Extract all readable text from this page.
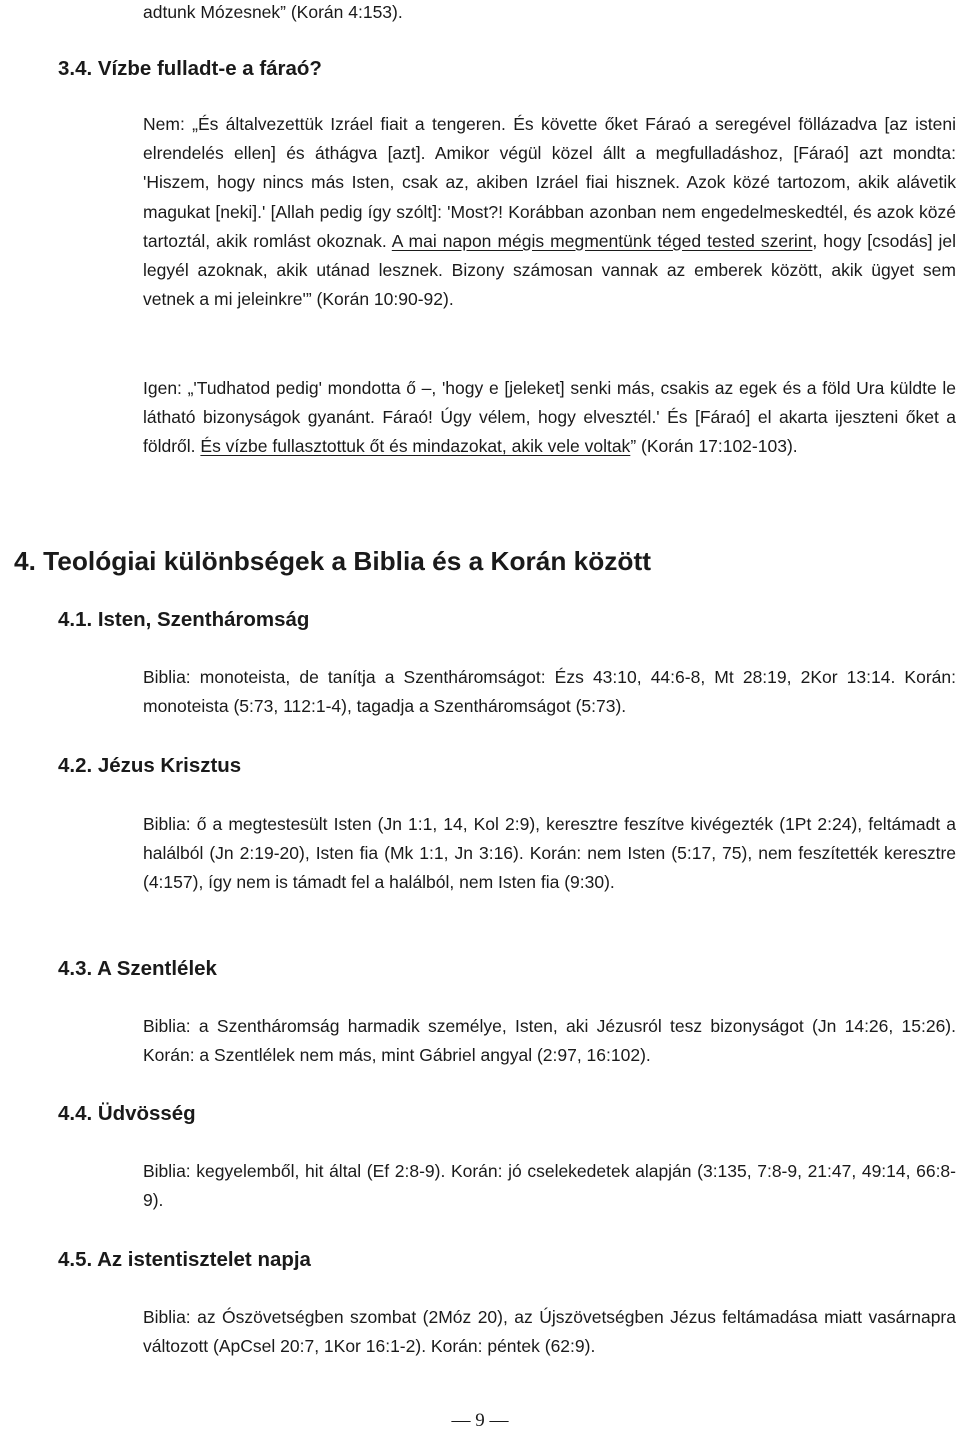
adtunk Mózesnek” (Korán 4:153).

3.4. Vízbe fulladt-e a fáraó?

Nem: „És általvezettük Izráel fiait a tengeren. És követte őket Fáraó a seregével föllázadva [az isteni elrendelés ellen] és áthágva [azt]. Amikor végül közel állt a megfulladáshoz, [Fáraó] azt mondta: 'Hiszem, hogy nincs más Isten, csak az, akiben Izráel fiai hisznek. Azok közé tartozom, akik alávetik magukat [neki].' [Allah pedig így szólt]: 'Most?! Korábban azonban nem engedelmeskedtél, és azok közé tartoztál, akik romlást okoznak. A mai napon mégis megmentünk téged tested szerint, hogy [csodás] jel legyél azoknak, akik utánad lesznek. Bizony számosan vannak az emberek között, akik ügyet sem vetnek a mi jeleinkre'” (Korán 10:90-92).

Igen: „'Tudhatod pedig' mondotta ő –, 'hogy e [jeleket] senki más, csakis az egek és a föld Ura küldte le látható bizonyságok gyanánt. Fáraó! Úgy vélem, hogy elvesztél.' És [Fáraó] el akarta ijeszteni őket a földről. És vízbe fullasztottuk őt és mindazokat, akik vele voltak” (Korán 17:102-103).

4. Teológiai különbségek a Biblia és a Korán között
4.1. Isten, Szentháromság

Biblia: monoteista, de tanítja a Szentháromságot: Ézs 43:10, 44:6-8, Mt 28:19, 2Kor 13:14. Korán: monoteista (5:73, 112:1-4), tagadja a Szentháromságot (5:73).

4.2. Jézus Krisztus

Biblia: ő a megtestesült Isten (Jn 1:1, 14, Kol 2:9), keresztre feszítve kivégezték (1Pt 2:24), feltámadt a halálból (Jn 2:19-20), Isten fia (Mk 1:1, Jn 3:16). Korán: nem Isten (5:17, 75), nem feszítették keresztre (4:157), így nem is támadt fel a halálból, nem Isten fia (9:30).

4.3. A Szentlélek

Biblia: a Szentháromság harmadik személye, Isten, aki Jézusról tesz bizonyságot (Jn 14:26, 15:26). Korán: a Szentlélek nem más, mint Gábriel angyal (2:97, 16:102).

4.4. Üdvösség

Biblia: kegyelemből, hit által (Ef 2:8-9). Korán: jó cselekedetek alapján (3:135, 7:8-9, 21:47, 49:14, 66:8-9).

4.5. Az istentisztelet napja

Biblia: az Ószövetségben szombat (2Móz 20), az Újszövetségben Jézus feltámadása miatt vasárnapra változott (ApCsel 20:7, 1Kor 16:1-2). Korán: péntek (62:9).

— 9 —
